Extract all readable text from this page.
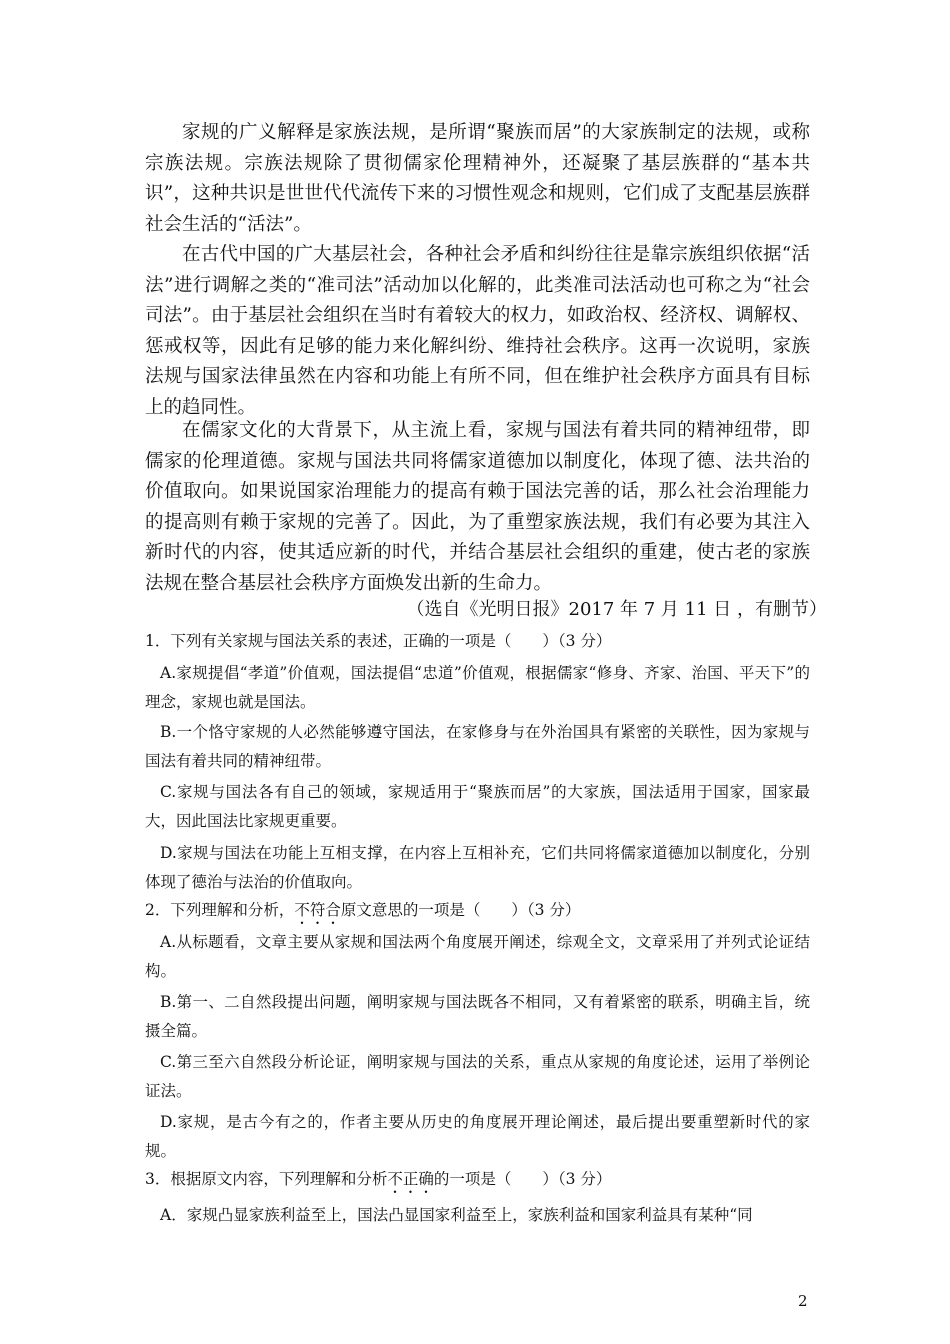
家规的广义解释是家族法规，是所谓“聚族而居”的大家族制定的法规，或称宗族法规。宗族法规除了贯彻儒家伦理精神外，还凝聚了基层族群的“基本共识”，这种共识是世世代代流传下来的习惯性观念和规则，它们成了支配基层族群社会生活的“活法”。

在古代中国的广大基层社会，各种社会矛盾和纠纷往往是靠宗族组织依据“活法”进行调解之类的“准司法”活动加以化解的，此类准司法活动也可称之为“社会司法”。由于基层社会组织在当时有着较大的权力，如政治权、经济权、调解权、惩戒权等，因此有足够的能力来化解纠纷、维持社会秩序。这再一次说明，家族法规与国家法律虽然在内容和功能上有所不同，但在维护社会秩序方面具有目标上的趋同性。

在儒家文化的大背景下，从主流上看，家规与国法有着共同的精神纽带，即儒家的伦理道德。家规与国法共同将儒家道德加以制度化，体现了德、法共治的价值取向。如果说国家治理能力的提高有赖于国法完善的话，那么社会治理能力的提高则有赖于家规的完善了。因此，为了重塑家族法规，我们有必要为其注入新时代的内容，使其适应新的时代，并结合基层社会组织的重建，使古老的家族法规在整合基层社会秩序方面焕发出新的生命力。

（选自《光明日报》2017 年 7 月 11 日 ，有删节）

1．下列有关家规与国法关系的表述，正确的一项是（　　）（3 分）

A.家规提倡“孝道”价值观，国法提倡“忠道”价值观，根据儒家“修身、齐家、治国、平天下”的理念，家规也就是国法。

B.一个恪守家规的人必然能够遵守国法，在家修身与在外治国具有紧密的关联性，因为家规与国法有着共同的精神纽带。

C.家规与国法各有自己的领域，家规适用于“聚族而居”的大家族，国法适用于国家，国家最大，因此国法比家规更重要。

D.家规与国法在功能上互相支撑，在内容上互相补充，它们共同将儒家道德加以制度化，分别体现了德治与法治的价值取向。

2．下列理解和分析，不符合原文意思的一项是（　　）（3 分）

A.从标题看，文章主要从家规和国法两个角度展开阐述，综观全文，文章采用了并列式论证结构。

B.第一、二自然段提出问题，阐明家规与国法既各不相同，又有着紧密的联系，明确主旨，统摄全篇。

C.第三至六自然段分析论证，阐明家规与国法的关系，重点从家规的角度论述，运用了举例论证法。

D.家规，是古今有之的，作者主要从历史的角度展开理论阐述，最后提出要重塑新时代的家规。

3．根据原文内容，下列理解和分析不正确的一项是（　　）（3 分）

A．家规凸显家族利益至上，国法凸显国家利益至上，家族利益和国家利益具有某种“同

2
